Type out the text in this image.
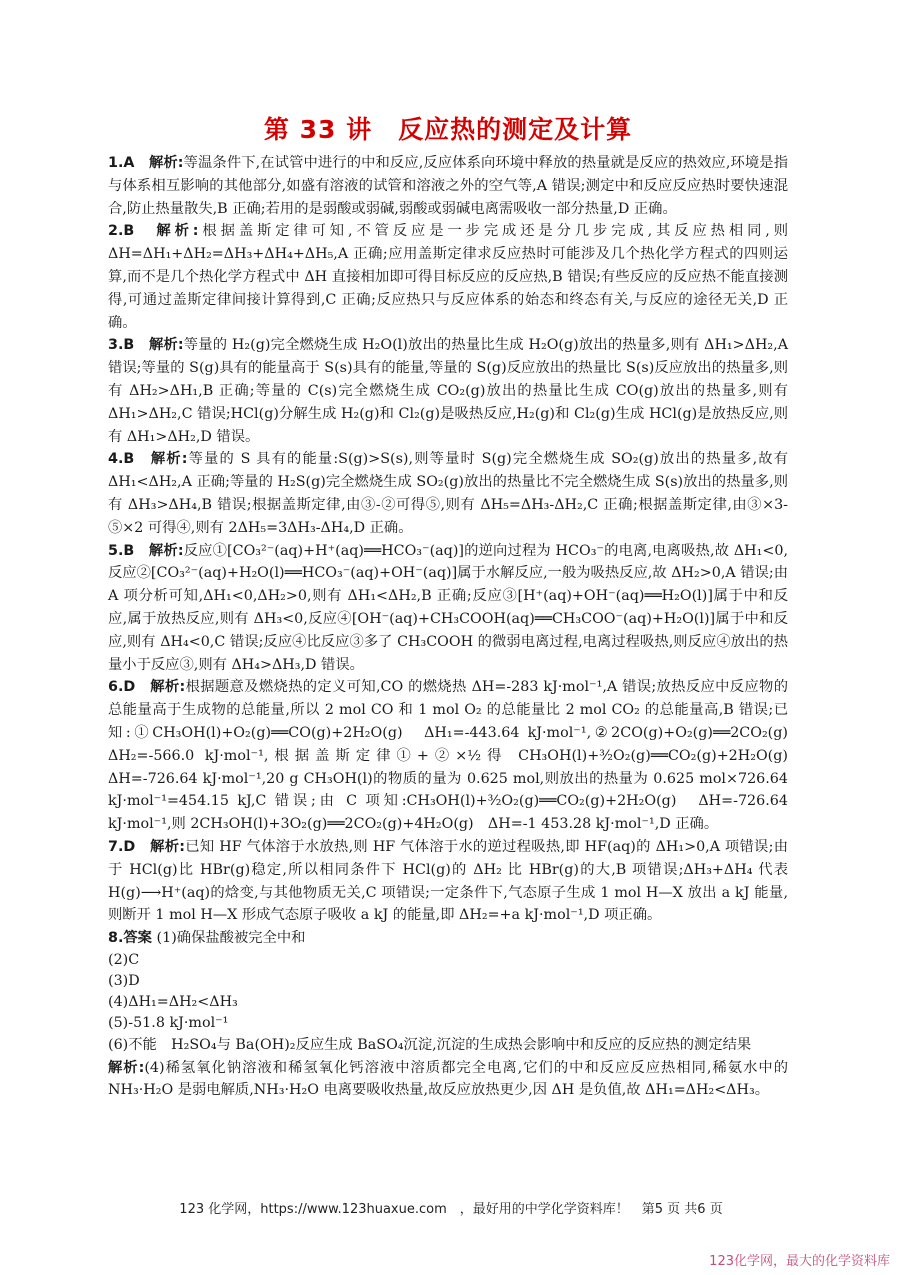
第 33 讲　反应热的测定及计算

1.A　 解析:等温条件下,在试管中进行的中和反应,反应体系向环境中释放的热量就是反应的热效应,环境是指与体系相互影响的其他部分,如盛有溶液的试管和溶液之外的空气等,A 错误;测定中和反应反应热时要快速混合,防止热量散失,B 正确;若用的是弱酸或弱碱,弱酸或弱碱电离需吸收一部分热量,D 正确。

2.B　 解析:根据盖斯定律可知,不管反应是一步完成还是分几步完成,其反应热相同,则 ΔH=ΔH₁+ΔH₂=ΔH₃+ΔH₄+ΔH₅,A 正确;应用盖斯定律求反应热时可能涉及几个热化学方程式的四则运算,而不是几个热化学方程式中 ΔH 直接相加即可得目标反应的反应热,B 错误;有些反应的反应热不能直接测得,可通过盖斯定律间接计算得到,C 正确;反应热只与反应体系的始态和终态有关,与反应的途径无关,D 正确。

3.B　 解析:等量的 H₂(g)完全燃烧生成 H₂O(l)放出的热量比生成 H₂O(g)放出的热量多,则有 ΔH₁>ΔH₂,A 错误;等量的 S(g)具有的能量高于 S(s)具有的能量,等量的 S(g)反应放出的热量比 S(s)反应放出的热量多,则有 ΔH₂>ΔH₁,B 正确;等量的 C(s)完全燃烧生成 CO₂(g)放出的热量比生成 CO(g)放出的热量多,则有 ΔH₁>ΔH₂,C 错误;HCl(g)分解生成 H₂(g)和 Cl₂(g)是吸热反应,H₂(g)和 Cl₂(g)生成 HCl(g)是放热反应,则有 ΔH₁>ΔH₂,D 错误。

4.B　 解析:等量的 S 具有的能量:S(g)>S(s),则等量时 S(g)完全燃烧生成 SO₂(g)放出的热量多,故有 ΔH₁<ΔH₂,A 正确;等量的 H₂S(g)完全燃烧生成 SO₂(g)放出的热量比不完全燃烧生成 S(s)放出的热量多,则有 ΔH₃>ΔH₄,B 错误;根据盖斯定律,由③-②可得⑤,则有 ΔH₅=ΔH₃-ΔH₂,C 正确;根据盖斯定律,由③×3-⑤×2 可得④,则有 2ΔH₅=3ΔH₃-ΔH₄,D 正确。

5.B　 解析:反应①[CO₃²⁻(aq)+H⁺(aq)══HCO₃⁻(aq)]的逆向过程为 HCO₃⁻的电离,电离吸热,故 ΔH₁<0,反应②[CO₃²⁻(aq)+H₂O(l)══HCO₃⁻(aq)+OH⁻(aq)]属于水解反应,一般为吸热反应,故 ΔH₂>0,A 错误;由 A 项分析可知,ΔH₁<0,ΔH₂>0,则有 ΔH₁<ΔH₂,B 正确;反应③[H⁺(aq)+OH⁻(aq)══H₂O(l)]属于中和反应,属于放热反应,则有 ΔH₃<0,反应④[OH⁻(aq)+CH₃COOH(aq)══CH₃COO⁻(aq)+H₂O(l)]属于中和反应,则有 ΔH₄<0,C 错误;反应④比反应③多了 CH₃COOH 的微弱电离过程,电离过程吸热,则反应④放出的热量小于反应③,则有 ΔH₄>ΔH₃,D 错误。

6.D　 解析:根据题意及燃烧热的定义可知,CO 的燃烧热 ΔH=-283 kJ·mol⁻¹,A 错误;放热反应中反应物的总能量高于生成物的总能量,所以 2 mol CO 和 1 mol O₂ 的总能量比 2 mol CO₂ 的总能量高,B 错误;已知:①CH₃OH(l)+O₂(g)══CO(g)+2H₂O(g)　ΔH₁=-443.64 kJ·mol⁻¹,②2CO(g)+O₂(g)══2CO₂(g)　ΔH₂=-566.0 kJ·mol⁻¹,根据盖斯定律①+②×½得 CH₃OH(l)+³⁄₂O₂(g)══CO₂(g)+2H₂O(g)　ΔH=-726.64 kJ·mol⁻¹,20 g CH₃OH(l)的物质的量为 0.625 mol,则放出的热量为 0.625 mol×726.64 kJ·mol⁻¹=454.15 kJ,C 错误;由 C 项知:CH₃OH(l)+³⁄₂O₂(g)══CO₂(g)+2H₂O(g)　ΔH=-726.64 kJ·mol⁻¹,则 2CH₃OH(l)+3O₂(g)══2CO₂(g)+4H₂O(g)　ΔH=-1 453.28 kJ·mol⁻¹,D 正确。

7.D　 解析:已知 HF 气体溶于水放热,则 HF 气体溶于水的逆过程吸热,即 HF(aq)的 ΔH₁>0,A 项错误;由于 HCl(g)比 HBr(g)稳定,所以相同条件下 HCl(g)的 ΔH₂ 比 HBr(g)的大,B 项错误;ΔH₃+ΔH₄ 代表 H(g)⟶H⁺(aq)的焓变,与其他物质无关,C 项错误;一定条件下,气态原子生成 1 mol H—X 放出 a kJ 能量,则断开 1 mol H—X 形成气态原子吸收 a kJ 的能量,即 ΔH₂=+a kJ·mol⁻¹,D 项正确。

8.答案 (1)确保盐酸被完全中和

(2)C

(3)D

(4)ΔH₁=ΔH₂<ΔH₃

(5)-51.8 kJ·mol⁻¹

(6)不能　H₂SO₄与 Ba(OH)₂反应生成 BaSO₄沉淀,沉淀的生成热会影响中和反应的反应热的测定结果

解析:(4)稀氢氧化钠溶液和稀氢氧化钙溶液中溶质都完全电离,它们的中和反应反应热相同,稀氨水中的 NH₃·H₂O 是弱电解质,NH₃·H₂O 电离要吸收热量,故反应放热更少,因 ΔH 是负值,故 ΔH₁=ΔH₂<ΔH₃。

123 化学网，https://www.123huaxue.com　，最好用的中学化学资料库！　第5 页 共6 页
123化学网，最大的化学资料库
